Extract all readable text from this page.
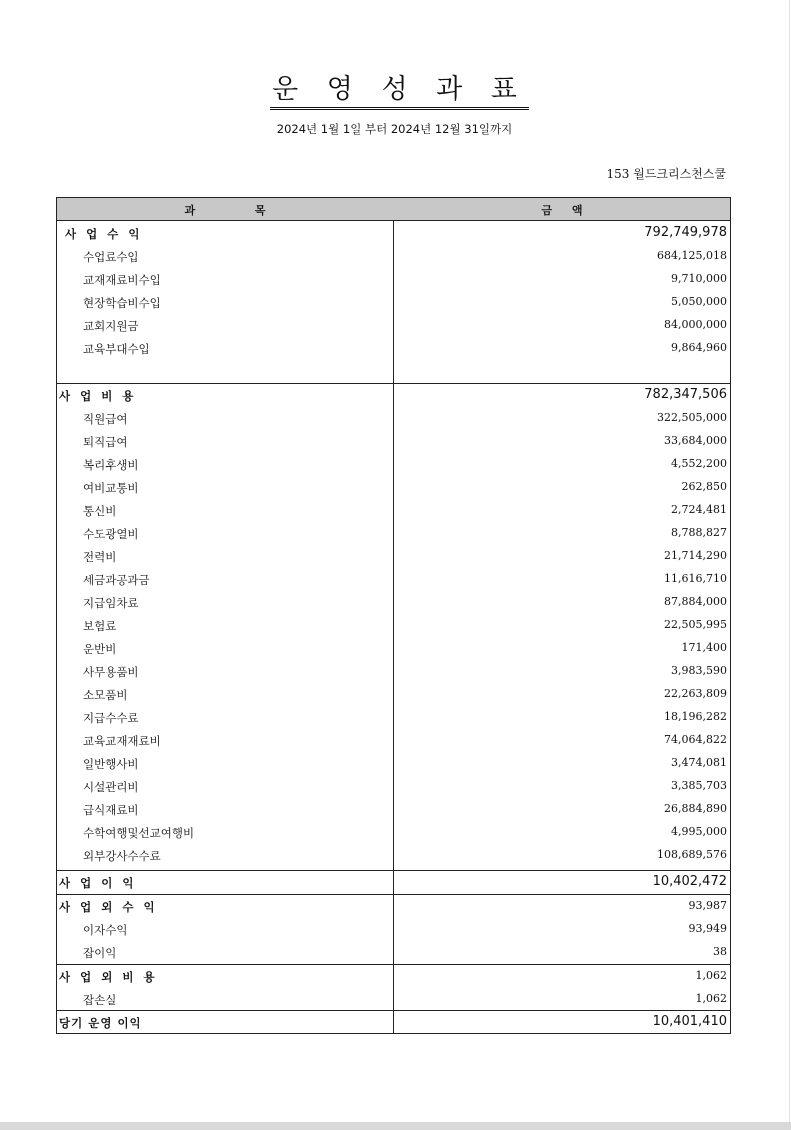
운 영 성 과 표
2024년 1월 1일 부터 2024년 12월 31일까지
153 월드크리스천스쿨
과 목	금 액
사 업 수 익	792,749,978
수업료수입	684,125,018
교재재료비수입	9,710,000
현장학습비수입	5,050,000
교회지원금	84,000,000
교육부대수입	9,864,960
사 업 비 용	782,347,506
직원급여	322,505,000
퇴직급여	33,684,000
복리후생비	4,552,200
여비교통비	262,850
통신비	2,724,481
수도광열비	8,788,827
전력비	21,714,290
세금과공과금	11,616,710
지급임차료	87,884,000
보험료	22,505,995
운반비	171,400
사무용품비	3,983,590
소모품비	22,263,809
지급수수료	18,196,282
교육교재재료비	74,064,822
일반행사비	3,474,081
시설관리비	3,385,703
급식재료비	26,884,890
수학여행및선교여행비	4,995,000
외부강사수수료	108,689,576
사 업 이 익	10,402,472
사 업 외 수 익	93,987
이자수익	93,949
잡이익	38
사 업 외 비 용	1,062
잡손실	1,062
당기 운영 이익	10,401,410
